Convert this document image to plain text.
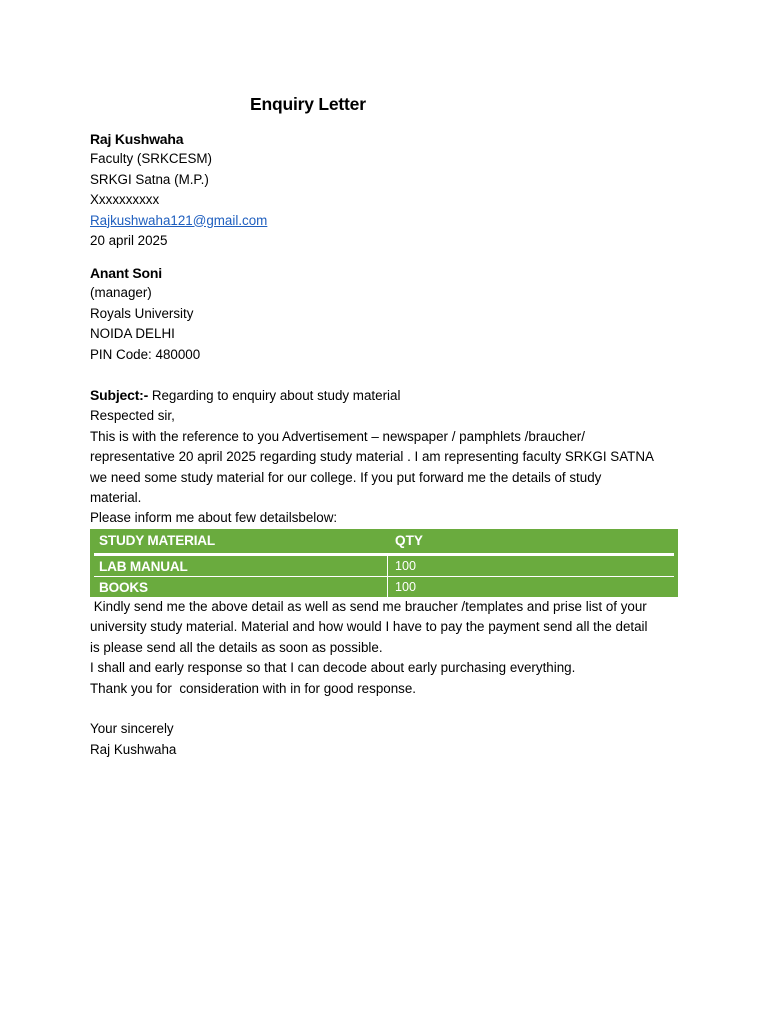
Enquiry Letter
Raj Kushwaha
Faculty (SRKCESM)
SRKGI Satna (M.P.)
Xxxxxxxxxx
Rajkushwaha121@gmail.com
20 april 2025
Anant Soni
(manager)
Royals University
NOIDA DELHI
PIN Code: 480000
Subject:- Regarding to enquiry about study material
Respected sir,
This is with the reference to you Advertisement – newspaper / pamphlets /braucher/
representative 20 april 2025 regarding study material . I am representing faculty SRKGI SATNA
we need some study material for our college. If you put forward me the details of study
material.
Please inform me about few detailsbelow:
STUDY MATERIAL	QTY
LAB MANUAL	100
BOOKS	100
Kindly send me the above detail as well as send me braucher /templates and prise list of your
university study material. Material and how would I have to pay the payment send all the detail
is please send all the details as soon as possible.
I shall and early response so that I can decode about early purchasing everything.
Thank you for  consideration with in for good response.
Your sincerely
Raj Kushwaha
